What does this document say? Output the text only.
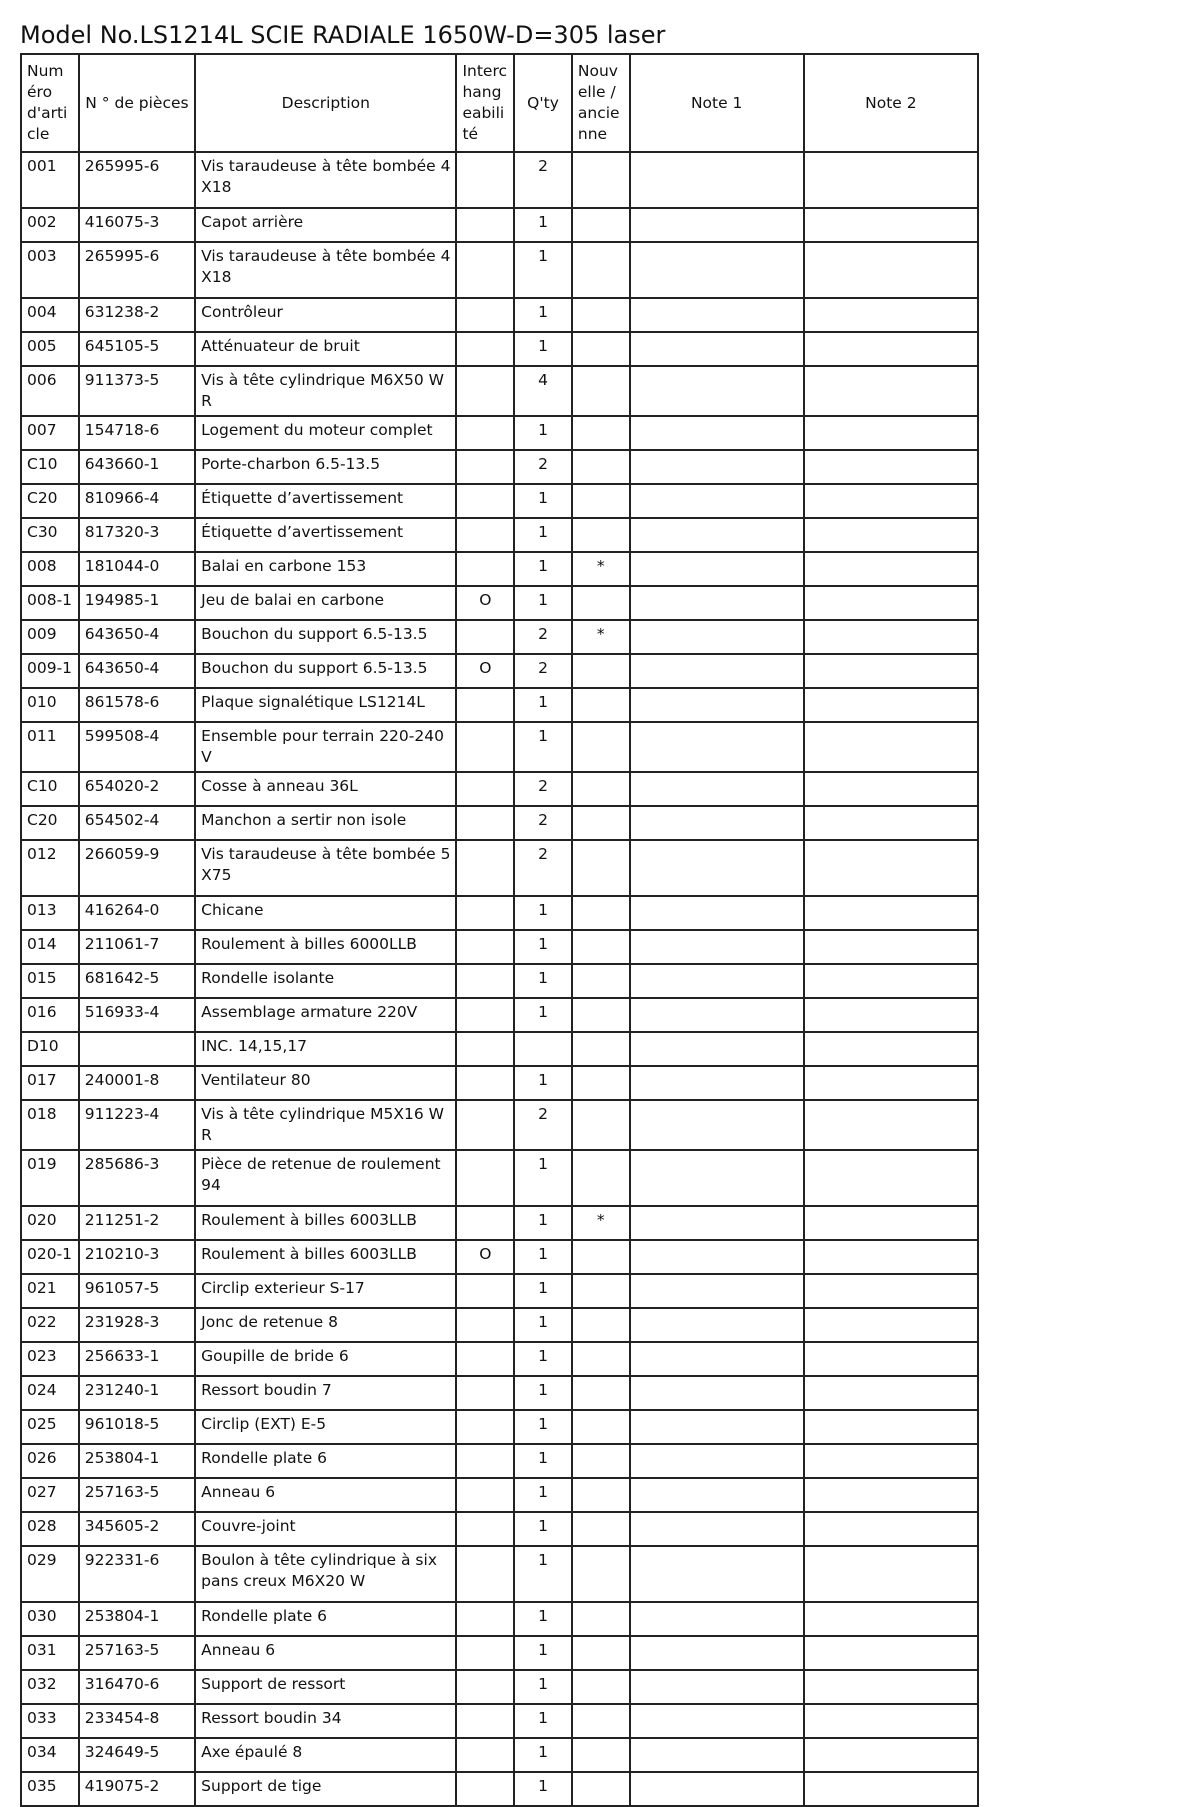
Model No.LS1214L SCIE RADIALE 1650W-D=305 laser
Numéro d'article	N ° de pièces	Description	Interchangeabilité	Q'ty	Nouvelle / ancienne	Note 1	Note 2
001	265995-6	Vis taraudeuse à tête bombée 4X18		2			
002	416075-3	Capot arrière		1			
003	265995-6	Vis taraudeuse à tête bombée 4X18		1			
004	631238-2	Contrôleur		1			
005	645105-5	Atténuateur de bruit		1			
006	911373-5	Vis à tête cylindrique M6X50 WR		4			
007	154718-6	Logement du moteur complet		1			
C10	643660-1	Porte-charbon 6.5-13.5		2			
C20	810966-4	Étiquette d’avertissement		1			
C30	817320-3	Étiquette d’avertissement		1			
008	181044-0	Balai en carbone 153		1	*		
008-1	194985-1	Jeu de balai en carbone	O	1			
009	643650-4	Bouchon du support 6.5-13.5		2	*		
009-1	643650-4	Bouchon du support 6.5-13.5	O	2			
010	861578-6	Plaque signalétique LS1214L		1			
011	599508-4	Ensemble pour terrain 220-240V		1			
C10	654020-2	Cosse à anneau 36L		2			
C20	654502-4	Manchon a sertir non isole		2			
012	266059-9	Vis taraudeuse à tête bombée 5X75		2			
013	416264-0	Chicane		1			
014	211061-7	Roulement à billes 6000LLB		1			
015	681642-5	Rondelle isolante		1			
016	516933-4	Assemblage armature 220V		1			
D10		INC. 14,15,17					
017	240001-8	Ventilateur 80		1			
018	911223-4	Vis à tête cylindrique M5X16 WR		2			
019	285686-3	Pièce de retenue de roulement 94		1			
020	211251-2	Roulement à billes 6003LLB		1	*		
020-1	210210-3	Roulement à billes 6003LLB	O	1			
021	961057-5	Circlip exterieur S-17		1			
022	231928-3	Jonc de retenue 8		1			
023	256633-1	Goupille de bride 6		1			
024	231240-1	Ressort boudin 7		1			
025	961018-5	Circlip (EXT) E-5		1			
026	253804-1	Rondelle plate 6		1			
027	257163-5	Anneau 6		1			
028	345605-2	Couvre-joint		1			
029	922331-6	Boulon à tête cylindrique à six pans creux M6X20 W		1			
030	253804-1	Rondelle plate 6		1			
031	257163-5	Anneau 6		1			
032	316470-6	Support de ressort		1			
033	233454-8	Ressort boudin 34		1			
034	324649-5	Axe épaulé 8		1			
035	419075-2	Support de tige		1			
